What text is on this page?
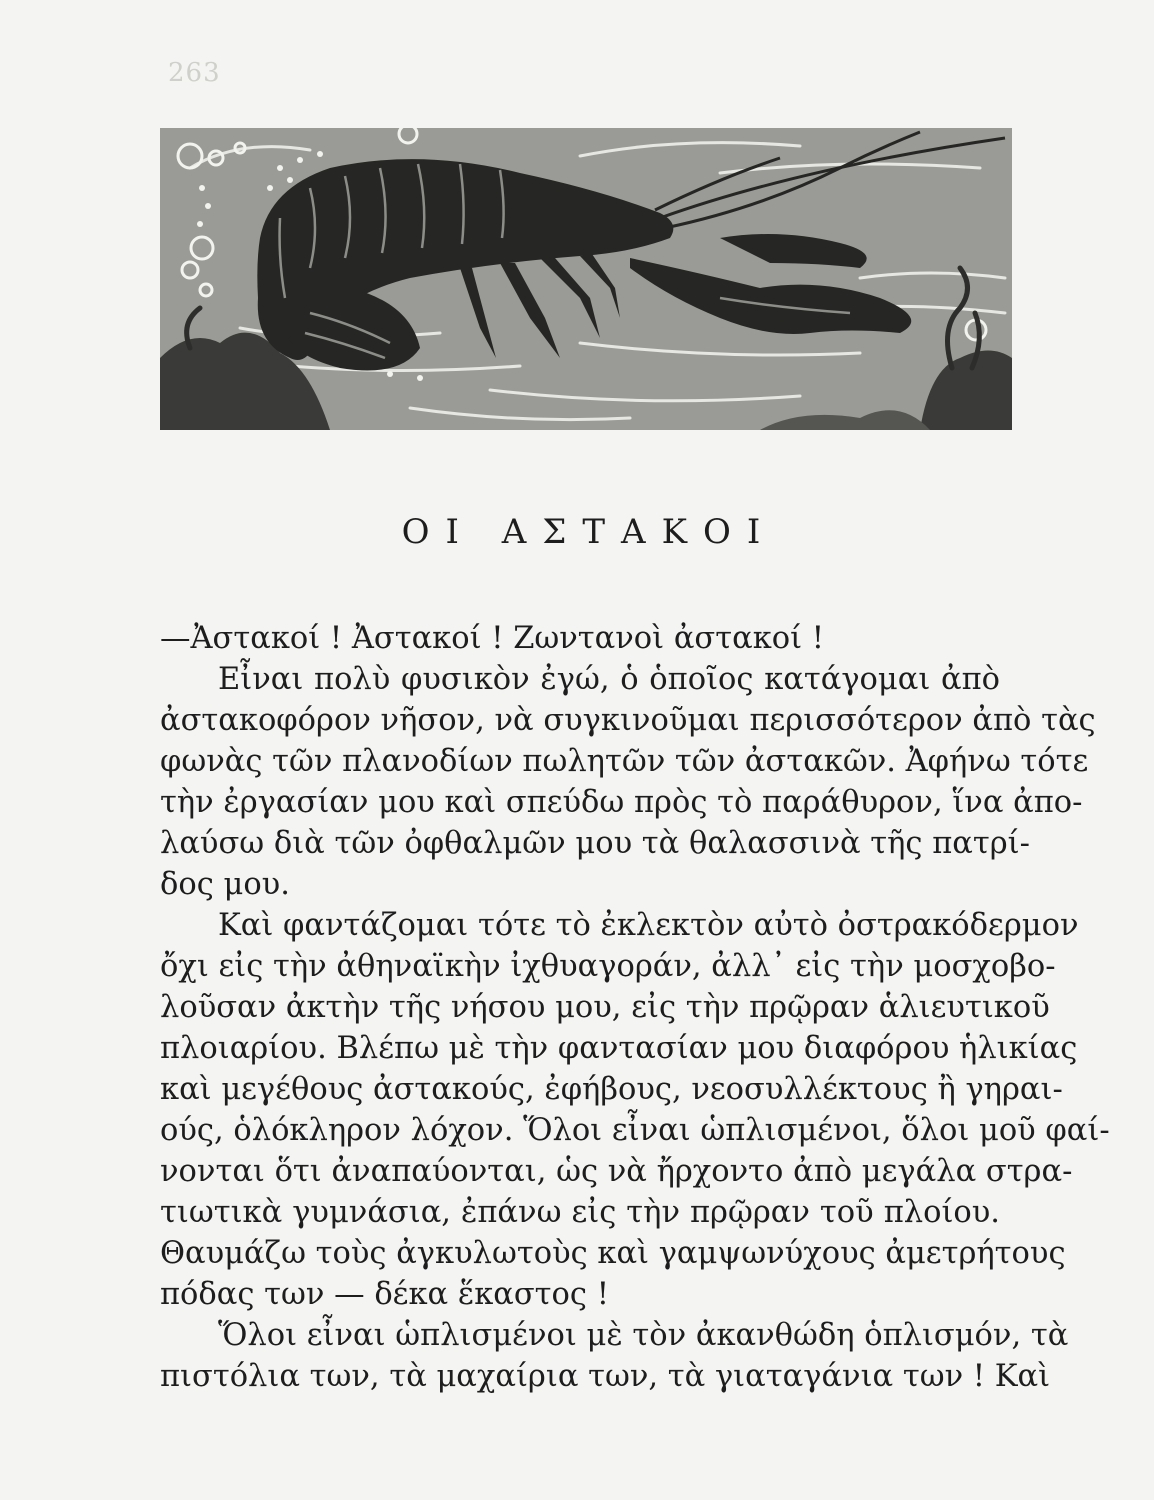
263
ΟΙ ΑΣΤΑΚΟΙ
—Ἀστακοί ! Ἀστακοί ! Ζωντανοὶ ἀστακοί !
Εἶναι πολὺ φυσικὸν ἐγώ, ὁ ὁποῖος κατάγομαι ἀπὸ
ἀστακοφόρον νῆσον, νὰ συγκινοῦμαι περισσότερον ἀπὸ τὰς
φωνὰς τῶν πλανοδίων πωλητῶν τῶν ἀστακῶν. Ἀφήνω τότε
τὴν ἐργασίαν μου καὶ σπεύδω πρὸς τὸ παράθυρον, ἵνα ἀπο-
λαύσω διὰ τῶν ὀφθαλμῶν μου τὰ θαλασσινὰ τῆς πατρί-
δος μου.
Καὶ φαντάζομαι τότε τὸ ἐκλεκτὸν αὐτὸ ὀστρακόδερμον
ὄχι εἰς τὴν ἀθηναϊκὴν ἰχθυαγοράν, ἀλλ᾽ εἰς τὴν μοσχοβο-
λοῦσαν ἀκτὴν τῆς νήσου μου, εἰς τὴν πρῷραν ἁλιευτικοῦ
πλοιαρίου. Βλέπω μὲ τὴν φαντασίαν μου διαφόρου ἡλικίας
καὶ μεγέθους ἀστακούς, ἐφήβους, νεοσυλλέκτους ἢ γηραι-
ούς, ὁλόκληρον λόχον. Ὅλοι εἶναι ὡπλισμένοι, ὅλοι μοῦ φαί-
νονται ὅτι ἀναπαύονται, ὡς νὰ ἤρχοντο ἀπὸ μεγάλα στρα-
τιωτικὰ γυμνάσια, ἐπάνω εἰς τὴν πρῷραν τοῦ πλοίου.
Θαυμάζω τοὺς ἀγκυλωτοὺς καὶ γαμψωνύχους ἀμετρήτους
πόδας των — δέκα ἕκαστος !
Ὅλοι εἶναι ὡπλισμένοι μὲ τὸν ἀκανθώδη ὁπλισμόν, τὰ
πιστόλια των, τὰ μαχαίρια των, τὰ γιαταγάνια των ! Καὶ
